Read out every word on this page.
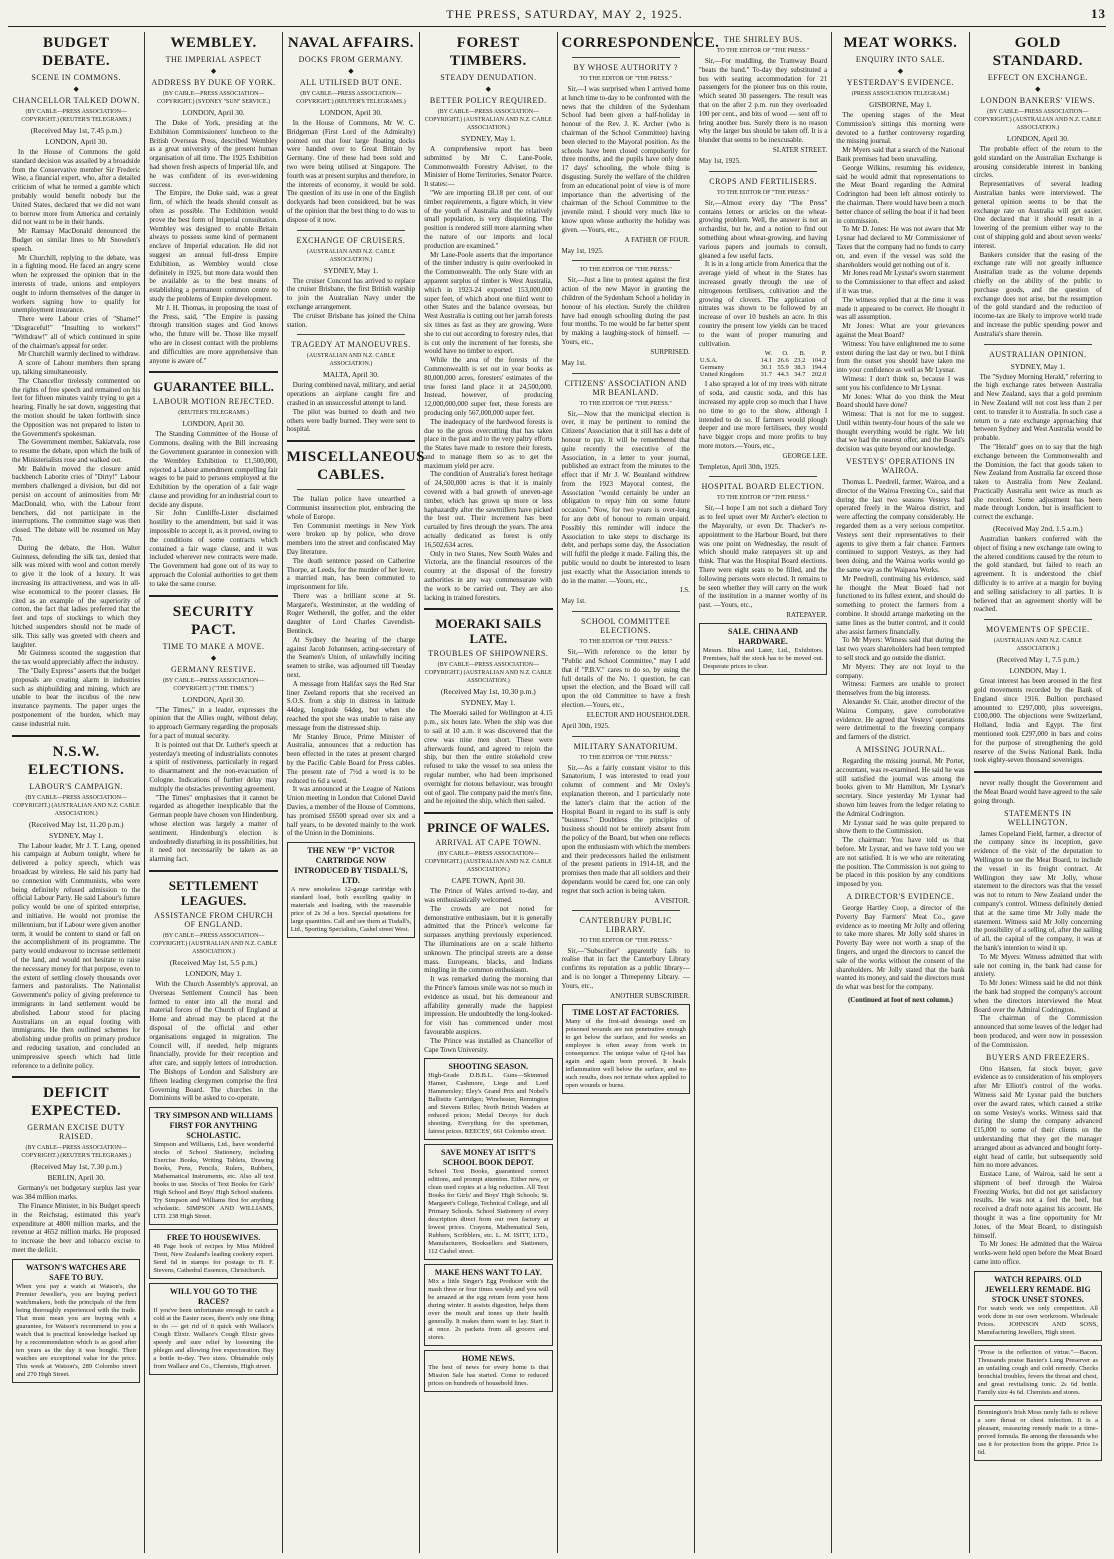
THE PRESS, SATURDAY, MAY 2, 1925.	13
BUDGET DEBATE.
SCENE IN COMMONS.
◆
CHANCELLOR TALKED DOWN.
(BY CABLE—PRESS ASSOCIATION—COPYRIGHT.) (REUTER'S TELEGRAMS.)
(Received May 1st, 7.45 p.m.)
LONDON, April 30.

In the House of Commons the gold standard decision was assailed by a broadside from the Conservative member Sir Frederic Wise, a financial expert, who, after a detailed criticism of what he termed a gamble which probably would benefit nobody but the United States, declared that we did not want to borrow more from America and certainly did not want to be in their hands.

Mr Ramsay MacDonald denounced the Budget on similar lines to Mr Snowden's speech.

Mr Churchill, replying to the debate, was in a fighting mood. He faced an angry scene when he expressed the opinion that in the interests of trade, unions and employers ought to inform themselves of the danger in workers signing how to qualify for unemployment insurance.

There were Labour cries of "Shame!" "Disgraceful!" "Insulting to workers!" "Withdraw!" all of which continued in spite of the chairman's appeal for order.

Mr Churchill warmly declined to withdraw.

A score of Labour members then sprang up, talking simultaneously.

The Chancellor tirelessly commented on the rights of free speech and remained on his feet for fifteen minutes vainly trying to get a hearing. Finally he sat down, suggesting that the motion should be taken forthwith since the Opposition was not prepared to listen to the Government's spokesman.

The Government member, Sakiatvala, rose to resume the debate, upon which the bulk of the Ministerialists rose and walked out.

Mr Baldwin moved the closure amid backbench Laborite cries of "Dirty!" Labour members challenged a division, but did not persist on account of animosities from Mr MacDonald, who, with the Labour front benchers, did not participate in the interruptions. The committee stage was then closed. The debate will be resumed on May 7th.

During the debate, the Hon. Walter Guinness, defending the silk tax, denied that silk was mixed with wool and cotton merely to give it the look of a luxury. It was increasing its attractiveness, and was in all-wise economical to the poorer classes. He cited as an example of the superiority of cotton, the fact that ladies preferred that the feet and tops of stockings to which they hitched suspenders should not be made of silk. This sally was greeted with cheers and laughter.

Mr Guinness scouted the suggestion that the tax would appreciably affect the industry.

The "Daily Express" asserts that the budget proposals are creating alarm in industries such as shipbuilding and mining, which are unable to bear the incubus of the new insurance payments. The paper urges the postponement of the burden, which may cause industrial ruin.

N.S.W. ELECTIONS.
LABOUR'S CAMPAIGN.
(BY CABLE—PRESS ASSOCIATION—COPYRIGHT.) (AUSTRALIAN AND N.Z. CABLE ASSOCIATION.)
(Received May 1st, 11.20 p.m.)
SYDNEY, May 1.

The Labour leader, Mr J. T. Lang, opened his campaign at Auburn tonight, where he delivered a policy speech, which was broadcast by wireless. He said his party had no connexion with Communists, who were being definitely refused admission to the official Labour Party. He said Labour's future policy would be one of spirited enterprise, and initiative. He would not promise the millennium, but if Labour were given another term, it would be content to stand or fall on the accomplishment of its programme. The party would endeavour to increase settlement of the land, and would not hesitate to raise the necessary money for that purpose, even to the extent of settling closely thousands over farmers and pastoralists. The Nationalist Government's policy of giving preference to immigrants in land settlement would be abolished. Labour stood for placing Australians on an equal footing with immigrants. He then outlined schemes for abolishing undue profits on primary produce and reducing taxation, and concluded an unimpressive speech which had little reference to a definite policy.

DEFICIT EXPECTED.
GERMAN EXCISE DUTY RAISED.
(BY CABLE—PRESS ASSOCIATION—COPYRIGHT.) (REUTER'S TELEGRAMS.)
(Received May 1st, 7.30 p.m.)
BERLIN, April 30.

Germany's net budgetary surplus last year was 384 million marks.

The Finance Minister, in his Budget speech in the Reichstag, estimated this year's expenditure at 4800 million marks, and the revenue at 4652 million marks. He proposed to increase the beer and tobacco excise to meet the deficit.

WATSON'S WATCHES ARE SAFE TO BUY.
When you pay a watch at Watson's, the Premier Jeweller's, you are buying perfect watchmakers, both the principals of the firm being thoroughly experienced with the trade. That must mean you are buying with a guarantee, for Watson's recommend to you a watch that is practical knowledge backed up by a recommendation which is as good after ten years as the day it was bought. Their watches are exceptional value for the price. This week at Watson's, 289 Colombo street and 270 High Street.
WEMBLEY.
THE IMPERIAL ASPECT
◆
ADDRESS BY DUKE OF YORK.
(BY CABLE—PRESS ASSOCIATION—COPYRIGHT.) (SYDNEY "SUN" SERVICE.)
LONDON, April 30.

The Duke of York, presiding at the Exhibition Commissioners' luncheon to the British Overseas Press, described Wembley as a great university of the present human organisation of all time. The 1925 Exhibition had shown fresh aspects of Imperial life, and he was confident of its ever-widening success.

The Empire, the Duke said, was a great firm, of which the heads should consult as often as possible. The Exhibition would prove the best form of Imperial consultation. Wembley was designed to enable Britain always to possess some kind of permanent enclave of Imperial education. He did not suggest an annual full-dress Empire Exhibition, as Wembley would close definitely in 1925, but more data would then be available as to the best means of establishing a permanent common centre to study the problems of Empire development.

Mr J. H. Thomas, in proposing the toast of the Press, said, "The Empire is passing through transition stages and God knows who, the future will be. Those like myself who are in closest contact with the problems and difficulties are more apprehensive than anyone is aware of."

GUARANTEE BILL.
LABOUR MOTION REJECTED.
(REUTER'S TELEGRAMS.)
LONDON, April 30.

The Standing Committee of the House of Commons, dealing with the Bill increasing the Government guarantee in connexion with the Wembley Exhibition to £1,500,000, rejected a Labour amendment compelling fair wages to be paid to persons employed at the Exhibition by the operation of a fair wage clause and providing for an industrial court to decide any dispute.

Sir John Cunliffe-Lister disclaimed hostility to the amendment, but said it was impossible to accept it, as it proved, owing to the conditions of some contracts which contained a fair wage clause, and it was included wherever new contracts were made. The Government had gone out of its way to approach the Colonial authorities to get them to take the same course.

SECURITY PACT.
TIME TO MAKE A MOVE.
◆
GERMANY RESTIVE.
(BY CABLE—PRESS ASSOCIATION—COPYRIGHT.) ("THE TIMES.")
LONDON, April 30.

"The Times," in a leader, expresses the opinion that the Allies ought, without delay, to approach Germany regarding the proposals for a pact of mutual security.

It is pointed out that Dr. Luther's speech at yesterday's meeting of industrialists connotes a spirit of restiveness, particularly in regard to disarmament and the non-evacuation of Cologne. Indications of further delay may multiply the obstacles preventing agreement.

"The Times" emphasises that it cannot be regarded as altogether inexplicable that the German people have chosen von Hindenburg, whose election was largely a matter of sentiment. Hindenburg's election is undoubtedly disturbing in its possibilities, but it need not necessarily be taken as an alarming fact.

SETTLEMENT LEAGUES.
ASSISTANCE FROM CHURCH OF ENGLAND.
(BY CABLE—PRESS ASSOCIATION—COPYRIGHT.) (AUSTRALIAN AND N.Z. CABLE ASSOCIATION.)
(Received May 1st, 5.5 p.m.)
LONDON, May 1.

With the Church Assembly's approval, an Overseas Settlement Council has been formed to enter into all the moral and material forces of the Church of England at Home and abroad may be placed at the disposal of the official and other organisations engaged in migration. The Council will, if needed, help migrants financially, provide for their reception and after care, and supply letters of introduction. The Bishops of London and Salisbury are fifteen leading clergymen comprise the first Governing Board. The churches in the Dominions will be asked to co-operate.

TRY SIMPSON AND WILLIAMS FIRST FOR ANYTHING SCHOLASTIC.
Simpson and Williams, Ltd., have wonderful stocks of School Stationery, including Exercise Books, Writing Tablets, Drawing Books, Pens, Pencils, Rulers, Rubbers, Mathematical Instruments, etc. Also all text books in use. Stocks of Text Books for Girls' High School and Boys' High School students. Try Simpson and Williams first for anything scholastic. SIMPSON AND WILLIAMS, LTD. 238 High Street.
FREE TO HOUSEWIVES.
48 Page book of recipes by Miss Mildred Trent, New Zealand's leading cookery expert. Send 6d in stamps for postage to H. F. Stevens, Cathedral Essences, Christchurch.
WILL YOU GO TO THE RACES?
If you've been unfortunate enough to catch a cold at the Easter races, there's only one thing to do — get rid of it quick with Wallace's Cough Elixir. Wallace's Cough Elixir gives speedy and sure relief by loosening the phlegm and allowing free expectoration. Buy a bottle to-day. Two sizes. Obtainable only from Wallace and Co., Chemists, High street.
NAVAL AFFAIRS.
DOCKS FROM GERMANY.
◆
ALL UTILISED BUT ONE.
(BY CABLE—PRESS ASSOCIATION—COPYRIGHT.) (REUTER'S TELEGRAMS.)
LONDON, April 30.

In the House of Commons, Mr W. C. Bridgeman (First Lord of the Admiralty) pointed out that four large floating docks were handed over to Great Britain by Germany. One of these had been sold and two were being utilised at Singapore. The fourth was at present surplus and therefore, in the interests of economy, it would be sold. The question of its use in one of the English dockyards had been considered, but he was of the opinion that the best thing to do was to dispose of it now.

EXCHANGE OF CRUISERS.
(AUSTRALIAN AND N.Z. CABLE ASSOCIATION.)
SYDNEY, May 1.

The cruiser Concord has arrived to replace the cruiser Brisbane, the first British warship to join the Australian Navy under the exchange arrangement.

The cruiser Brisbane has joined the China station.

TRAGEDY AT MANOEUVRES.
(AUSTRALIAN AND N.Z. CABLE ASSOCIATION.)
MALTA, April 30.

During combined naval, military, and aerial operations an airplane caught fire and crashed in an unsuccessful attempt to land.

The pilot was burned to death and two others were badly burned. They were sent to hospital.

MISCELLANEOUS CABLES.

The Italian police have unearthed a Communist insurrection plot, embracing the whole of Europe.

Ten Communist meetings in New York were broken up by police, who drove members into the street and confiscated May Day literature.

The death sentence passed on Catherine Thorpe, at Leeds, for the murder of her lover, a married man, has been commuted to imprisonment for life.

There was a brilliant scene at St. Margaret's, Westminster, at the wedding of Roger Wetherell, the golfer, and the elder daughter of Lord Charles Cavendish-Bentinck.

At Sydney the hearing of the charge against Jacob Johannsen, acting-secretary of the Seamen's Union, of unlawfully inciting seamen to strike, was adjourned till Tuesday next.

A message from Halifax says the Red Star liner Zeeland reports that she received an S.O.S. from a ship in distress in latitude 44deg, longitude 64deg, but when she reached the spot she was unable to raise any message from the distressed ship.

Mr Stanley Bruce, Prime Minister of Australia, announces that a reduction has been effected in the rates at present charged by the Pacific Cable Board for Press cables. The present rate of 7½d a word is to be reduced to 6d a word.

It was announced at the League of Nations Union meeting in London that Colonel David Davies, a member of the House of Commons, has promised £6500 spread over six and a half years, to be devoted mainly to the work of the Union in the Dominions.

THE NEW "P" VICTOR CARTRIDGE NOW INTRODUCED BY TISDALL'S, LTD.
A new smokeless 12-gauge cartridge with standard load, both excelling quality in materials and loading, with the reasonable price of 2s 3d a box. Special quotations for large quantities. Call and see them at Tisdall's, Ltd., Sporting Specialists, Cashel street West.
FOREST TIMBERS.
STEADY DENUDATION.
◆
BETTER POLICY REQUIRED.
(BY CABLE—PRESS ASSOCIATION—COPYRIGHT.) (AUSTRALIAN AND N.Z. CABLE ASSOCIATION.)
SYDNEY, May 1.

A comprehensive report has been submitted by Mr C. Lane-Poole, Commonwealth Forestry Adviser, to the Minister of Home Territories, Senator Pearce. It states:—

"We are importing £8.18 per cent. of our timber requirements, a figure which, in view of the youth of Australia and the relatively small population, is very disquieting. The position is rendered still more alarming when the nature of our imports and local production are examined."

Mr Lane-Poole asserts that the importance of the timber industry is quite overlooked in the Commonwealth. The only State with an apparent surplus of timber is West Australia, which in 1923-24 exported 153,000,000 super feet, of which about one third went to other States and the balance overseas, but West Australia is cutting out her jarrah forests six times as fast as they are growing. Were she to cut out according to forestry rules, that is cut only the increment of her forests, she would have no timber to export.

While the area of the forests of the Commonwealth is set out in year books as 80,000,000 acres, foresters' estimates of the true forest land place it at 24,500,000. Instead, however, of producing 12,000,000,000 super feet, these forests are producing only 567,000,000 super feet.

The inadequacy of the hardwood forests is due to the gross overcutting that has taken place in the past and to the very paltry efforts the States have made to restore their forests, and to manage them so as to get the maximum yield per acre.

The condition of Australia's forest heritage of 24,500,000 acres is that it is mainly covered with a bad growth of uneven-age timber, which has grown up more or less haphazardly after the sawmillers have picked the best out. Their increment has been curtailed by fires through the years. The area actually dedicated as forest is only 16,502,634 acres.

Only in two States, New South Wales and Victoria, are the financial resources of the country at the disposal of the forestry authorities in any way commensurate with the work to be carried out. They are also lacking in trained foresters.

MOERAKI SAILS LATE.
TROUBLES OF SHIPOWNERS.
(BY CABLE—PRESS ASSOCIATION—COPYRIGHT.) (AUSTRALIAN AND N.Z. CABLE ASSOCIATION.)
(Received May 1st, 10.30 p.m.)
SYDNEY, May 1.

The Moeraki sailed for Wellington at 4.15 p.m., six hours late. When the ship was due to sail at 10 a.m. it was discovered that the crew was nine men short. These were afterwards found, and agreed to rejoin the ship, but then the entire stokehold crew refused to take the vessel to sea unless the regular number, who had been imprisoned overnight for riotous behaviour, was brought out of gaol. The company paid the men's fine, and he rejoined the ship, which then sailed.

PRINCE OF WALES.
ARRIVAL AT CAPE TOWN.
(BY CABLE—PRESS ASSOCIATION—COPYRIGHT.) (AUSTRALIAN AND N.Z. CABLE ASSOCIATION.)
CAPE TOWN, April 30.

The Prince of Wales arrived to-day, and was enthusiastically welcomed.

The crowds are not noted for demonstrative enthusiasm, but it is generally admitted that the Prince's welcome far surpasses anything previously experienced. The illuminations are on a scale hitherto unknown. The principal streets are a dense mass. Europeans, blacks, and Indians mingling in the common enthusiasm.

It was remarked during the morning that the Prince's famous smile was not so much in evidence as usual, but his demeanour and affability generally made the happiest impression. He undoubtedly the long-looked-for visit has commenced under most favourable auspices.

The Prince was installed as Chancellor of Cape Town University.

SHOOTING SEASON.
High-Grade D.B.B.L. Guns—Skimmed Hamer, Cashmore, Liege and Lord Hammersley; Eley's Grand Prix and Nobel's Ballistite Cartridges; Winchester, Remington and Stevens Rifles; North British Waders at reduced prices; Medal Decoys for duck shooting. Everything for the sportsman, fairest prices. REECES', 661 Colombo street.
SAVE MONEY AT ISITT'S SCHOOL BOOK DEPOT.
School Text Books, guaranteed correct editions, and prompt attention. Either new, or clean used copies at a big reduction. All Text Books for Girls' and Boys' High Schools; St. Margaret's College, Technical College, and all Primary Schools. School Stationery of every description direct from our own factory at lowest prices. Crayons, Mathematical Sets, Rubbers, Scribblers, etc. L. M. ISITT, LTD., Manufacturers, Booksellers and Stationers, 112 Cashel street.
MAKE HENS WANT TO LAY.
Mix a little Singer's Egg Producer with the mash three or four times weekly and you will be amazed at the egg return from your hens during winter. It assists digestion, helps them over the moult and tones up their health generally. It makes them want to lay. Start it at once. 2s packets from all grocers and stores.
HOME NEWS.
The best of news for every home is that Mission Sale has started. Come to reduced prices on hundreds of household lines.
CORRESPONDENCE.
BY WHOSE AUTHORITY ?
TO THE EDITOR OF "THE PRESS."

Sir,—I was surprised when I arrived home at lunch time to-day to be confronted with the news that the children of the Sydenham School had been given a half-holiday in honour of the Rev. J. K. Archer (who is chairman of the School Committee) having been elected to the Mayoral position. As the schools have been closed compulsorily for three months, and the pupils have only done 17 days' schooling, the whole thing is disgusting. Surely the welfare of the children from an educational point of view is of more importance than the advertising of the chairman of the School Committee to the juvenile mind. I should very much like to know upon whose authority the holiday was given. —Yours, etc.,

A FATHER OF FOUR.

May 1st, 1925.

TO THE EDITOR OF "THE PRESS."

Sir,—Just a line to protest against the first action of the new Mayor in granting the children of the Sydenham School a holiday in honour of his election. Surely the children have had enough schooling during the past four months. To me would be far better spent by making a laughing-stock of himself. —Yours, etc.,

SURPRISED.

May 1st.

CITIZENS' ASSOCIATION AND MR BEANLAND.
TO THE EDITOR OF "THE PRESS."

Sir,—Now that the municipal election is over, it may be pertinent to remind the Citizens' Association that it still has a debt of honour to pay. It will be remembered that quite recently the executive of the Association, in a letter to your journal, published an extract from the minutes to the effect that if Mr J. W. Beanland withdrew from the 1923 Mayoral contest, the Association "would certainly be under an obligation to repay him on some future occasion." Now, for two years is over-long for any debt of honour to remain unpaid. Possibly this reminder will induce the Association to take steps to discharge its debt, and perhaps some day, the Association will fulfil the pledge it made. Failing this, the public would no doubt be interested to learn just exactly what the Association intends to do in the matter. —Yours, etc.,

I.S.

May 1st.

SCHOOL COMMITTEE ELECTIONS.
TO THE EDITOR OF "THE PRESS."

Sir,—With reference to the letter by "Public and School Committee," may I add that if "P.B.V." cares to do so, by using the full details of the No. 1 question, he can upset the election, and the Board will call upon the old Committee to have a fresh election.—Yours, etc.,

ELECTOR AND HOUSEHOLDER.

April 30th, 1925.

MILITARY SANATORIUM.
TO THE EDITOR OF "THE PRESS."

Sir,—As a fairly constant visitor to this Sanatorium, I was interested to read your column of comment and Mr Oxley's explanation thereon, and I particularly note the latter's claim that the action of the Hospital Board in regard to its staff is only "business." Doubtless the principles of business should not be entirely absent from the policy of the Board, but when one reflects upon the enthusiasm with which the members and their predecessors hailed the enlistment of the present patients in 1914-18, and the promises then made that all soldiers and their dependants would be cared for, one can only regret that such action is being taken.

A VISITOR.
CANTERBURY PUBLIC LIBRARY.
TO THE EDITOR OF "THE PRESS."

Sir,—"Subscriber" apparently fails to realise that in fact the Canterbury Library confirms its reputation as a public library—and is no longer a Threepenny Library. —Yours, etc.,

ANOTHER SUBSCRIBER.
TIME LOST AT FACTORIES.
Many of the first-aid dressings used on poisoned wounds are not penetrative enough to get below the surface, and for weeks an employee is often away from work in consequence. The unique value of Q-tol has again and again been proved. It heals inflammation well below the surface, and no such results, does not irritate when applied to open wounds or burns.
THE SHIRLEY BUS.
TO THE EDITOR OF "THE PRESS."

Sir,—For muddling, the Tramway Board "beats the band." To-day they substituted a bus with seating accommodation for 21 passengers for the pioneer bus on this route, which seated 30 passengers. The result was that on the after 2 p.m. run they overloaded 100 per cent., and bits of wood — sent off to bring another bus. Surely there is no reason why the larger bus should be taken off. It is a blunder that seems to be inexcusable.

SLATER STREET.

May 1st, 1925.

CROPS AND FERTILISERS.
TO THE EDITOR OF "THE PRESS."

Sir,—Almost every day "The Press" contains letters or articles on the wheat-growing problem. Well, the answer is not an orchardist, but he, and a notion to find out something about wheat-growing, and having various papers and journals to consult, gleaned a few useful facts.

It is in a long article from America that the average yield of wheat in the States has increased greatly through the use of nitrogenous fertilisers, cultivation and the growing of clovers. The application of nitrates was shown to be followed by an increase of over 10 bushels an acre. In this country the present low yields can be traced to the want of proper manuring and cultivation.

	W.	O.	B.	P.
U.S.A.	14.1	26.6	23.2	104.2
Germany	30.1	55.9	38.3	194.4
United Kingdom	31.7	44.3	34.7	202.0

I also sprayed a lot of my trees with nitrate of soda, and caustic soda, and this has increased my apple crop so much that I have no time to go to the show, although I intended to do so. If farmers would plough deeper and use more fertilisers, they would have bigger crops and more profits to buy more motors.—Yours, etc.,

GEORGE LEE.

Templeton, April 30th, 1925.

HOSPITAL BOARD ELECTION.
TO THE EDITOR OF "THE PRESS."

Sir,—I hope I am not such a diehard Tory as to feel upset over Mr Archer's election to the Mayoralty, or even Dr. Thacker's re-appointment to the Harbour Board, but there was one point on Wednesday, the result of which should make ratepayers sit up and think. That was the Hospital Board elections. There were eight seats to be filled, and the following persons were elected. It remains to be seen whether they will carry on the work of the institution in a manner worthy of its past. —Yours, etc.,

RATEPAYER.
SALE. CHINA AND HARDWARE.
Messrs. Bliss and Later, Ltd., Exhibitors. Premises, half the stock has to be moved out. Desperate prices to clear.
MEAT WORKS.
ENQUIRY INTO SALE.
◆
YESTERDAY'S EVIDENCE.
(PRESS ASSOCIATION TELEGRAM.)
GISBORNE, May 1.

The opening stages of the Meat Commission's sittings this morning were devoted to a further controversy regarding the missing journal.

Mr Myers said that a search of the National Bank premises had been unavailing.

George Wilkins, resuming his evidence, said he would admit that representations to the Meat Board regarding the Admiral Codrington had been left almost entirely to the chairman. There would have been a much better chance of selling the boat if it had been in commission.

To Mr D. Jones: He was not aware that Mr Lysnar had declared to Mr Commissioner of Taxes that the company had no funds to carry on, and even if the vessel was sold the shareholders would get nothing out of it.

Mr Jones read Mr Lysnar's sworn statement to the Commissioner to that effect and asked if it was true.

The witness replied that at the time it was made it appeared to be correct. He thought it was all assumption.

Mr Jones: What are your grievances against the Meat Board?

Witness: You have enlightened me to some extent during the last day or two, but I think from the outset you should have taken me into your confidence as well as Mr Lysnar.

Witness: I don't think so, because I was sent you his confidence to Mr Lysnar.

Mr Jones: What do you think the Meat Board should have done?

Witness: That is not for me to suggest. Until within twenty-four hours of the sale we thought everything would be right. We felt that we had the nearest offer, and the Board's decision was quite beyond our knowledge.

VESTEYS' OPERATIONS IN WAIROA.

Thomas L. Peedrell, farmer, Wairoa, and a director of the Wairoa Freezing Co., said that during the last two seasons Vesteys had operated freely in the Wairoa district, and were affecting the company considerably. He regarded them as a very serious competitor. Vesteys sent their representatives to their agents to give them a fair chance. Farmers continued to support Vesteys, as they had been doing, and the Wairoa works would go the same way as the Waipaoa Works.

Mr Peedrell, continuing his evidence, said he thought the Meat Board had not functioned to its fullest extent, and should do something to protect the farmers from a combine. It should arrange marketing on the same lines as the butter control, and it could also assist farmers financially.

To Mr Myers: Witness said that during the last two years shareholders had been tempted to sell stock and go outside the district.

Mr Myers: They are not loyal to the company.

Witness: Farmers are unable to protect themselves from the big interests.

Alexander St. Clair, another director of the Wairoa Company, gave corroborative evidence. He agreed that Vesteys' operations were detrimental to the freezing company and farmers of the district.

A MISSING JOURNAL.

Regarding the missing journal, Mr Porter, accountant, was re-examined. He said he was still satisfied the journal was among the books given to Mr Hamilton, Mr Lysnar's secretary. Since yesterday Mr Lysnar had shown him leaves from the ledger relating to the Admiral Codrington.

Mr Lysnar said he was quite prepared to show them to the Commission.

The chairman: You have told us that before. Mr Lysnar, and we have told you we are not satisfied. It is we who are reiterating the position. The Commission is not going to be placed in this position by any conditions imposed by you.

A DIRECTOR'S EVIDENCE.

George Hartley Coop, a director of the Poverty Bay Farmers' Meat Co., gave evidence as to meeting Mr Jolly and offering to take more shares. Mr Jolly sold shares in Poverty Bay were not worth a snap of the fingers, and urged the directors to cancel the sale of the works without the consent of the shareholders. Mr Jolly stated that the bank wanted its money, and said the directors must do what was best for the company.

(Continued at foot of next column.)
GOLD STANDARD.
EFFECT ON EXCHANGE.
◆
LONDON BANKERS' VIEWS.
(BY CABLE—PRESS ASSOCIATION—COPYRIGHT.) (AUSTRALIAN AND N.Z. CABLE ASSOCIATION.)
LONDON, April 30.

The probable effect of the return to the gold standard on the Australian Exchange is arousing considerable interest in banking circles.

Representatives of several leading Australian banks were interviewed. The general opinion seems to be that the exchange rate on Australia will get easier. One declared that it should result in a lowering of the premium either way to the cost of shipping gold and about seven weeks' interest.

Bankers consider that the easing of the exchange rate will not greatly influence Australian trade as the volume depends chiefly on the ability of the public to purchase goods, and the question of exchange does not arise, but the resumption of the gold standard and the reduction of income-tax are likely to improve world trade and increase the public spending power and Australia's share therein.

AUSTRALIAN OPINION.
SYDNEY, May 1.

The "Sydney Morning Herald," referring to the high exchange rates between Australia and New Zealand, says that a gold premium in New Zealand will not cost less than 2 per cent. to transfer it to Australia. In such case a return to a rate exchange approaching that between Sydney and West Australia would be probable.

The "Herald" goes on to say that the high exchange between the Commonwealth and the Dominion, the fact that goods taken to New Zealand from Australia far exceed those taken to Australia from New Zealand. Practically Australia sent twice as much as she received. Some adjustment has been made through London, but is insufficient to correct the exchange.

(Received May 2nd, 1.5 a.m.)

Australian bankers conferred with the object of fixing a new exchange rate owing to the altered conditions caused by the return to the gold standard, but failed to reach an agreement. It is understood the chief difficulty is to arrive at a margin for buying and selling satisfactory to all parties. It is believed that an agreement shortly will be reached.

MOVEMENTS OF SPECIE.
(AUSTRALIAN AND N.Z. CABLE ASSOCIATION.)
(Received May 1, 7.5 p.m.)
LONDON, May 1.

Great interest has been aroused in the first gold movements recorded by the Bank of England since 1916. Bullion purchased amounted to £297,000, plus sovereigns, £100,000. The objections were Switzerland, Holland, India and Egypt. The first mentioned took £297,000 in bars and coins for the purpose of strengthening the gold reserve of the Swiss National Bank. India took eighty-seven thousand sovereigns.

never really thought the Government and the Meat Board would have agreed to the sale going through.

STATEMENTS IN WELLINGTON.

James Copeland Field, farmer, a director of the company since its inception, gave evidence of the visit of the deputation to Wellington to see the Meat Board, to include the vessel in its freight contract. At Wellington they saw Mr Jolly, whose statement to the directors was that the vessel was not to return to New Zealand under the company's control. Witness definitely denied that at the same time Mr Jolly made the statement. Witness said Mr Jolly concerning the possibility of a selling of, after the sailing of all, the capital of the company, it was at the bank's intention to wind it up.

To Mr Myers: Witness admitted that with sale not coming in, the bank had cause for anxiety.

To Mr Jones: Witness said he did not think the bank had stopped the company's account when the directors interviewed the Meat Board over the Admiral Codrington.

The chairman of the Commission announced that some leaves of the ledger had been produced, and were now in possession of the Commission.

BUYERS AND FREEZERS.

Otto Hansen, fat stock buyer, gave evidence as to consideration of his employers after Mr Elliott's control of the works. Witness said Mr Lysnar paid the butchers over the award rates, which caused a strike on some Vestey's works. Witness said that during the slump the company advanced £15,000 to some of their clients on the understanding that they get the manager arranged about as advanced and bought forty-eight head of cattle, but subsequently sold him no more advances.

Eustace Lane, of Wairoa, said he sent a shipment of beef through the Wairoa Freezing Works, but did not get satisfactory results. He was not a feel the beef, but received a draft note against his account. He thought it was a fine opportunity for Mr Jones, of the Meat Board, to distinguish himself.

To Mr Jones: He admitted that the Wairoa works-were held open before the Meat Board came into office.

WATCH REPAIRS. OLD JEWELLERY REMADE. BIG STOCK UNSET STONES.
For watch work we only competition. All work done in our own workroom. Wholesale Prices. JOHNSON AND SONS, Manufacturing Jewellers, High street.
"Prose is the reflection of virtue."—Bacon. Thousands praise Baxter's Lung Preserver as an unfailing cough and cold remedy. Checks bronchial troubles, fevers the throat and chest, and great revitalising tonic. 2s 6d bottle. Family size 4s 6d. Chemists and stores.
Bonnington's Irish Moss rarely fails to relieve a sore throat or chest infection. It is a pleasant, reassuring remedy made to a time-proved formula. Be among the thousands who use it for protection from the grippe. Price 1s 6d.
